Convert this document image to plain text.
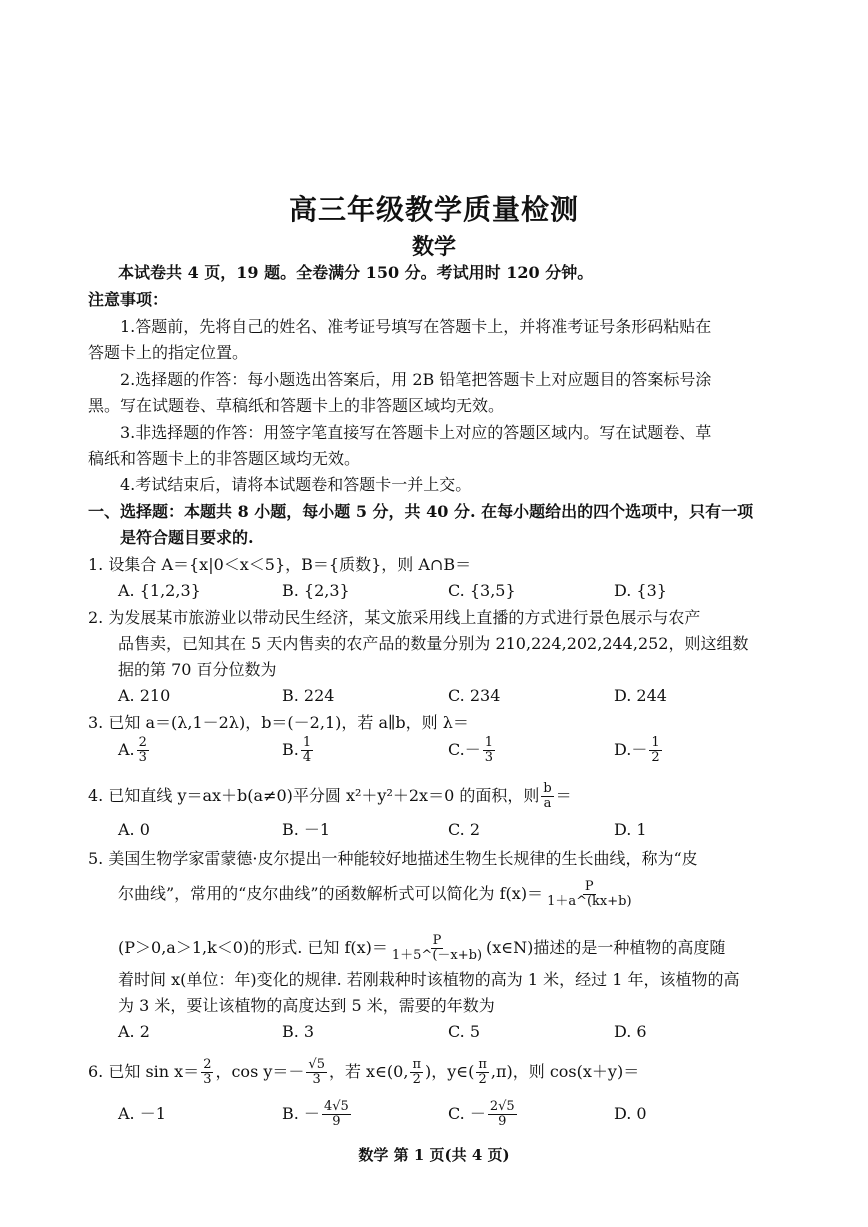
高三年级教学质量检测
数学
本试卷共 4 页，19 题。全卷满分 150 分。考试用时 120 分钟。
注意事项：
1.答题前，先将自己的姓名、准考证号填写在答题卡上，并将准考证号条形码粘贴在
答题卡上的指定位置。
2.选择题的作答：每小题选出答案后，用 2B 铅笔把答题卡上对应题目的答案标号涂
黑。写在试题卷、草稿纸和答题卡上的非答题区域均无效。
3.非选择题的作答：用签字笔直接写在答题卡上对应的答题区域内。写在试题卷、草
稿纸和答题卡上的非答题区域均无效。
4.考试结束后，请将本试题卷和答题卡一并上交。
一、选择题：本题共 8 小题，每小题 5 分，共 40 分. 在每小题给出的四个选项中，只有一项
是符合题目要求的.
1. 设集合 A＝{x|0＜x＜5}，B＝{质数}，则 A∩B＝
A. {1,2,3}	B. {2,3}	C. {3,5}	D. {3}
2. 为发展某市旅游业以带动民生经济，某文旅采用线上直播的方式进行景色展示与农产
品售卖，已知其在 5 天内售卖的农产品的数量分别为 210,224,202,244,252，则这组数
据的第 70 百分位数为
A. 210	B. 224	C. 234	D. 244
3. 已知 a＝(λ,1－2λ)，b＝(－2,1)，若 a∥b，则 λ＝
A. $\frac{2}{3}$	B. $\frac{1}{4}$	$C.- \frac{1}{3}$	$D.- \frac{1}{2}$
4. 已知直线 y＝ax＋b(a≠0)平分圆 x²＋y²＋2x＝0 的面积，则 $\frac{b}{a}$ ＝
A. 0	B. －1	C. 2	D. 1
5. 美国生物学家雷蒙德·皮尔提出一种能较好地描述生物生长规律的生长曲线，称为“皮
尔曲线”，常用的“皮尔曲线”的函数解析式可以简化为 $f(x)= \frac{P}{1+a\^{}(kx+b)}$
(P＞0,a＞1,k＜0)的形式. 已知 $f(x)= \frac{P}{1+5\^{}(-x+b)}$ (x∈N)描述的是一种植物的高度随
着时间 x(单位：年)变化的规律. 若刚栽种时该植物的高为 1 米，经过 1 年，该植物的高
为 3 米，要让该植物的高度达到 5 米，需要的年数为
A. 2	B. 3	C. 5	D. 6
6. 已知 $\sin x= \frac{2}{3}$ ，$\cos y=- \frac{√5}{3}$ ，若 x∈(0, $\frac{\pi}{2}$ )，y∈( $\frac{\pi}{2} ,\pi$)，则 cos(x＋y)＝
A. －1	B. － $\frac{4√5}{9}$	C. － $\frac{2√5}{9}$	D. 0
数学 第 1 页(共 4 页)
